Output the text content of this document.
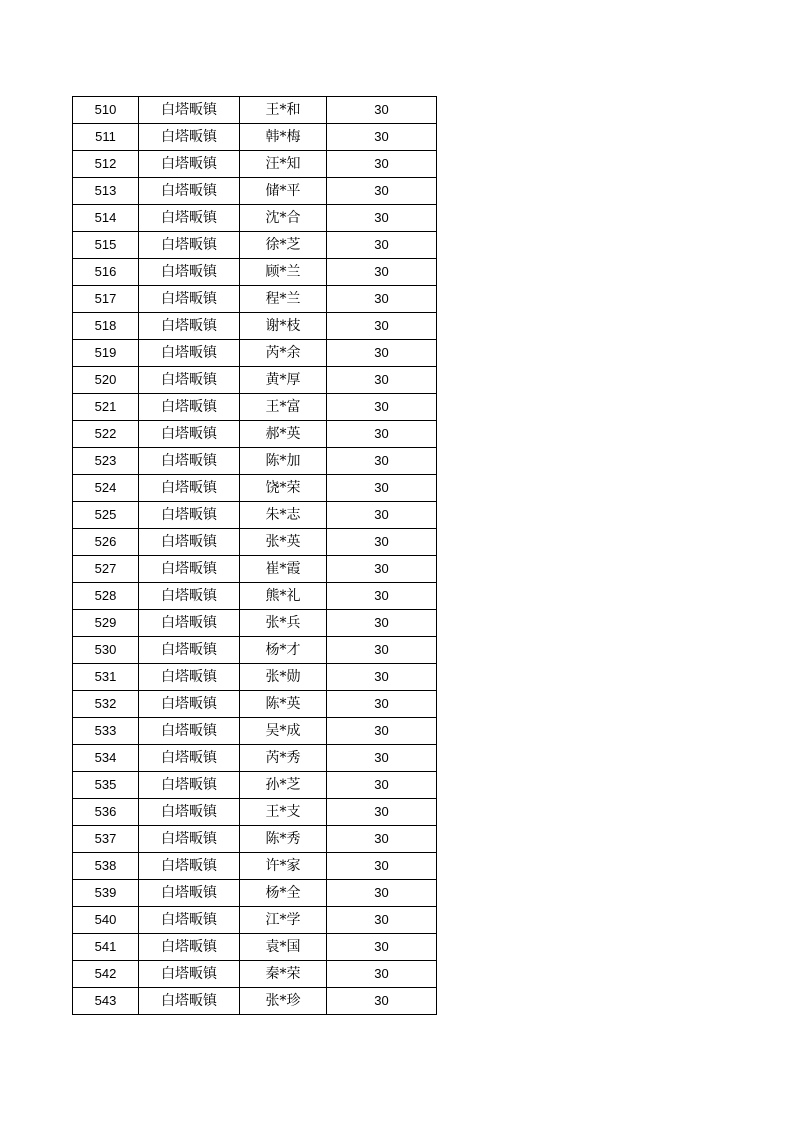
510	白塔畈镇	王*和	30
511	白塔畈镇	韩*梅	30
512	白塔畈镇	汪*知	30
513	白塔畈镇	储*平	30
514	白塔畈镇	沈*合	30
515	白塔畈镇	徐*芝	30
516	白塔畈镇	顾*兰	30
517	白塔畈镇	程*兰	30
518	白塔畈镇	谢*枝	30
519	白塔畈镇	芮*余	30
520	白塔畈镇	黄*厚	30
521	白塔畈镇	王*富	30
522	白塔畈镇	郝*英	30
523	白塔畈镇	陈*加	30
524	白塔畈镇	饶*荣	30
525	白塔畈镇	朱*志	30
526	白塔畈镇	张*英	30
527	白塔畈镇	崔*霞	30
528	白塔畈镇	熊*礼	30
529	白塔畈镇	张*兵	30
530	白塔畈镇	杨*才	30
531	白塔畈镇	张*勋	30
532	白塔畈镇	陈*英	30
533	白塔畈镇	吴*成	30
534	白塔畈镇	芮*秀	30
535	白塔畈镇	孙*芝	30
536	白塔畈镇	王*支	30
537	白塔畈镇	陈*秀	30
538	白塔畈镇	许*家	30
539	白塔畈镇	杨*全	30
540	白塔畈镇	江*学	30
541	白塔畈镇	袁*国	30
542	白塔畈镇	秦*荣	30
543	白塔畈镇	张*珍	30
